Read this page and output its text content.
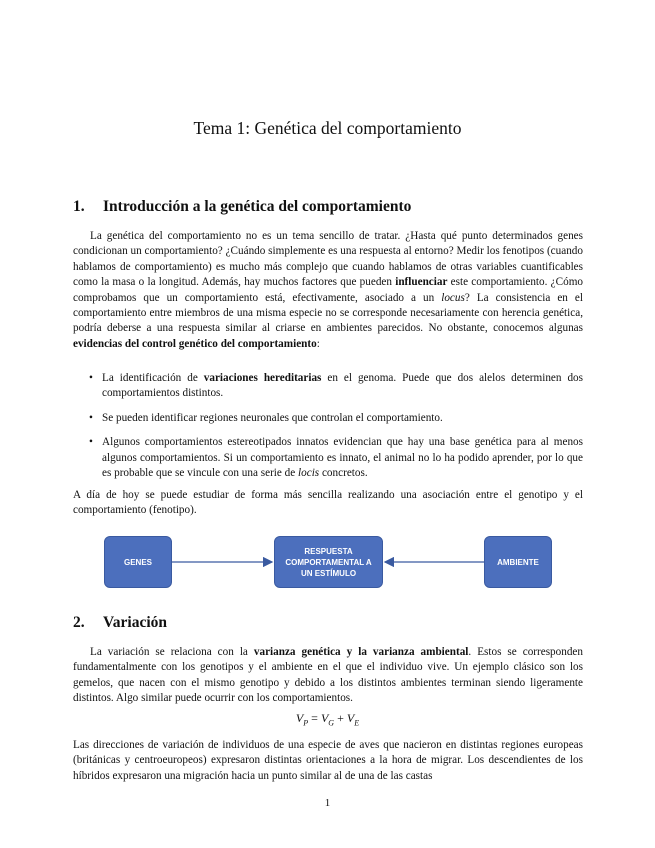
Tema 1: Genética del comportamiento
1. Introducción a la genética del comportamiento
La genética del comportamiento no es un tema sencillo de tratar. ¿Hasta qué punto determinados genes condicionan un comportamiento? ¿Cuándo simplemente es una respuesta al entorno? Medir los fenotipos (cuando hablamos de comportamiento) es mucho más complejo que cuando hablamos de otras variables cuantificables como la masa o la longitud. Además, hay muchos factores que pueden influenciar este comportamiento. ¿Cómo comprobamos que un comportamiento está, efectivamente, asociado a un locus? La consistencia en el comportamiento entre miembros de una misma especie no se corresponde necesariamente con herencia genética, podría deberse a una respuesta similar al criarse en ambientes parecidos. No obstante, conocemos algunas evidencias del control genético del comportamiento:
• La identificación de variaciones hereditarias en el genoma. Puede que dos alelos determinen dos comportamientos distintos.
• Se pueden identificar regiones neuronales que controlan el comportamiento.
• Algunos comportamientos estereotipados innatos evidencian que hay una base genética para al menos algunos comportamientos. Si un comportamiento es innato, el animal no lo ha podido aprender, por lo que es probable que se vincule con una serie de locis concretos.
A día de hoy se puede estudiar de forma más sencilla realizando una asociación entre el genotipo y el comportamiento (fenotipo).
GENES
RESPUESTA
COMPORTAMENTAL A
UN ESTÍMULO
AMBIENTE
2. Variación
La variación se relaciona con la varianza genética y la varianza ambiental. Estos se corresponden fundamentalmente con los genotipos y el ambiente en el que el individuo vive. Un ejemplo clásico son los gemelos, que nacen con el mismo genotipo y debido a los distintos ambientes terminan siendo ligeramente distintos. Algo similar puede ocurrir con los comportamientos.
$V_P = V_G + V_E$
Las direcciones de variación de individuos de una especie de aves que nacieron en distintas regiones europeas (británicas y centroeuropeos) expresaron distintas orientaciones a la hora de migrar. Los descendientes de los híbridos expresaron una migración hacia un punto similar al de una de las castas
1
